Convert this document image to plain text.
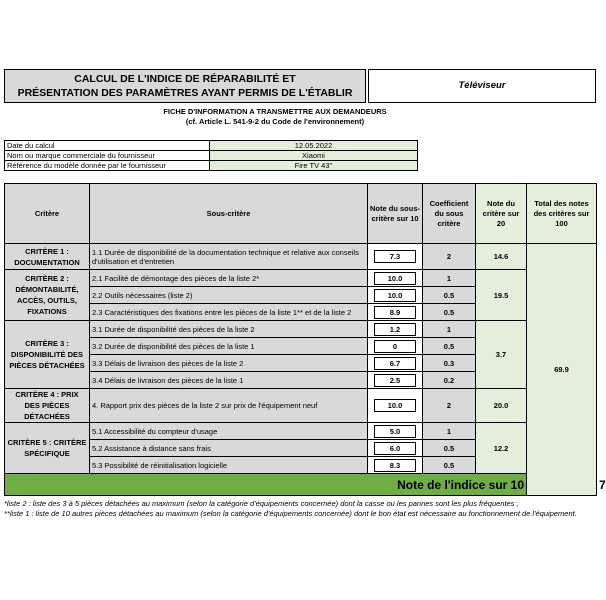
CALCUL DE L'INDICE DE RÉPARABILITÉ ET
PRÉSENTATION DES PARAMÈTRES AYANT PERMIS DE L'ÉTABLIR
Téléviseur
FICHE D'INFORMATION A TRANSMETTRE AUX DEMANDEURS
(cf. Article L. 541-9-2 du Code de l'environnement)
Date du calcul	12.05.2022
Nom ou marque commerciale du fournisseur	Xiaomi
Référence du modèle donnée par le fournisseur	Fire TV 43''
Critère	Sous-critère	Note du sous-critère sur 10	Coefficient du sous critère	Note du critère sur 20	Total des notes des critères sur 100	
CRITÈRE 1 : DOCUMENTATION	1.1 Durée de disponibilité de la documentation technique et relative aux conseils d'utilisation et d'entretien	7.3	2	14.6	69.9	
CRITÈRE 2 : DÉMONTABILITÉ, ACCÈS, OUTILS, FIXATIONS	2.1 Facilité de démontage des pièces de la liste 2*	10.0	1	19.5		
	2.2 Outils nécessaires (liste 2)	10.0	0.5			
	2.3 Caractéristiques des fixations entre les pièces de la liste 1** et de la liste 2	8.9	0.5			
CRITÈRE 3 : DISPONIBILITÉ DES PIÈCES DÉTACHÉES	3.1 Durée de disponibilité des pièces de la liste 2	1.2	1	3.7		
	3.2 Durée de disponibilité des pièces de la liste 1	0	0.5			
	3.3 Délais de livraison des pièces de la liste 2	6.7	0.3			
	3.4 Délais de livraison des pièces de la liste 1	2.5	0.2			
CRITÈRE 4 : PRIX DES PIÈCES DÉTACHÉES	4. Rapport prix des pièces de la liste 2 sur prix de l'équipement neuf	10.0	2	20.0		
CRITÈRE 5 : CRITÈRE SPÉCIFIQUE	5.1 Accessibilité du compteur d'usage	5.0	1	12.2		
	5.2 Assistance à distance sans frais	6.0	0.5			
	5.3 Possibilité de réinitialisation logicielle	8.3	0.5			
Note de l'indice sur 10						7
*liste 2 : liste des 3 à 5 pièces détachées au maximum (selon la catégorie d'équipements concernée) dont la casse ou les pannes sont les plus fréquentes ;
**liste 1 : liste de 10 autres pièces détachées au maximum (selon la catégorie d'équipements concernée) dont le bon état est nécessaire au fonctionnement de l'équipement.
